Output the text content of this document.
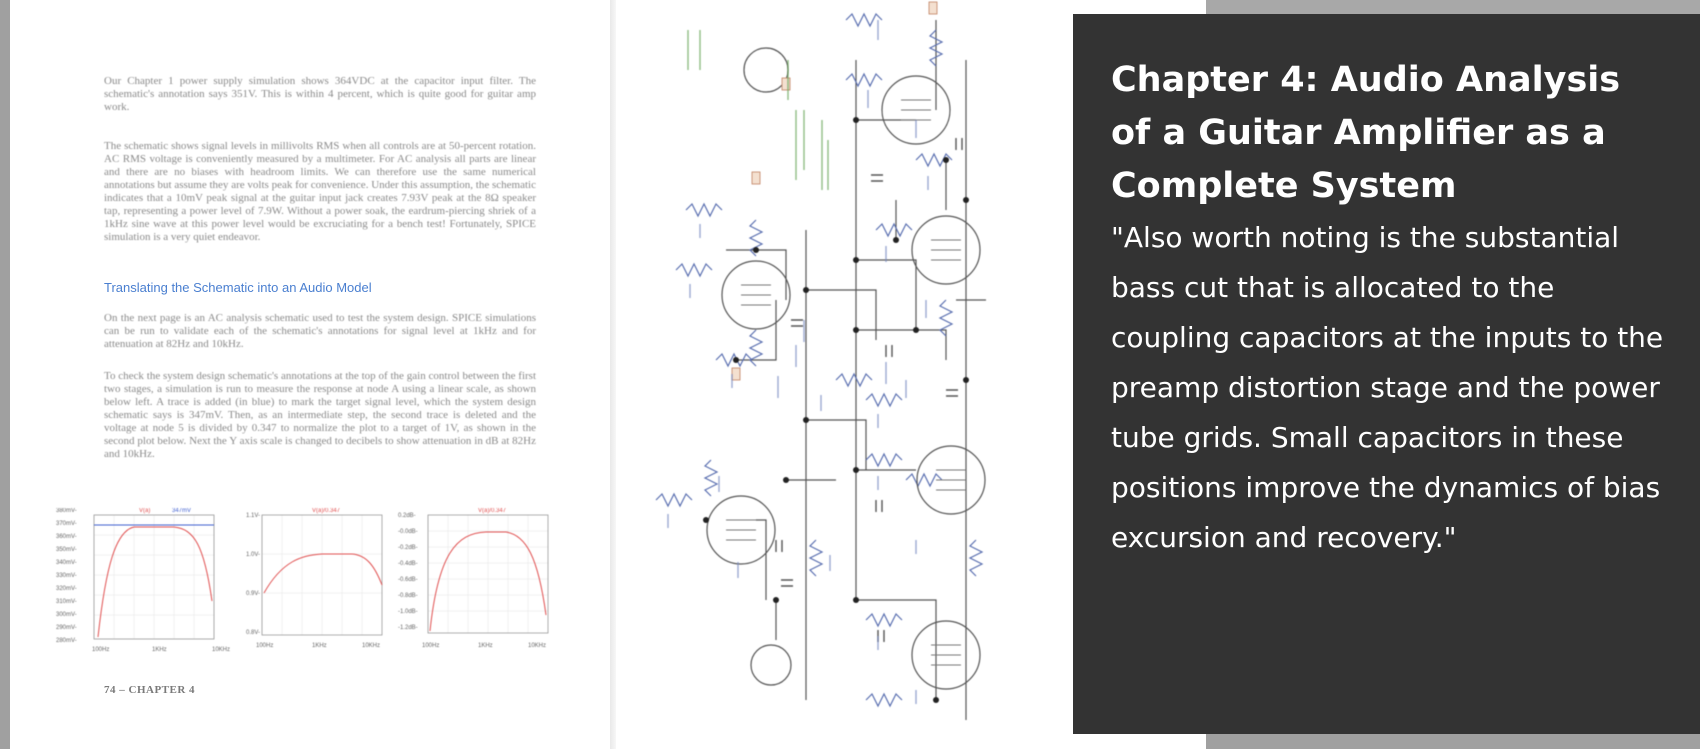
Our Chapter 1 power supply simulation shows 364VDC at the capacitor input filter. The schematic's annotation says 351V. This is within 4 percent, which is quite good for guitar amp work.

The schematic shows signal levels in millivolts RMS when all controls are at 50-percent rotation. AC RMS voltage is conveniently measured by a multimeter. For AC analysis all parts are linear and there are no biases with headroom limits. We can therefore use the same numerical annotations but assume they are volts peak for convenience. Under this assumption, the schematic indicates that a 10mV peak signal at the guitar input jack creates 7.93V peak at the 8Ω speaker tap, representing a power level of 7.9W. Without a power soak, the eardrum-piercing shriek of a 1kHz sine wave at this power level would be excruciating for a bench test! Fortunately, SPICE simulation is a very quiet endeavor.

Translating the Schematic into an Audio Model

On the next page is an AC analysis schematic used to test the system design. SPICE simulations can be run to validate each of the schematic's annotations for signal level at 1kHz and for attenuation at 82Hz and 10kHz.

To check the system design schematic's annotations at the top of the gain control between the first two stages, a simulation is run to measure the response at node A using a linear scale, as shown below left. A trace is added (in blue) to mark the target signal level, which the system design schematic says is 347mV. Then, as an intermediate step, the second trace is deleted and the voltage at node 5 is divided by 0.347 to normalize the plot to a target of 1V, as shown in the second plot below. Next the Y axis scale is changed to decibels to show attenuation in dB at 82Hz and 10kHz.

380mV-
370mV-
360mV-
350mV-
340mV-
330mV-
320mV-
310mV-
300mV-
290mV-
280mV-
100Hz	1KHz	10KHz
V(a)	347mV
1.1V-
1.0V-
0.9V-
0.8V-
100Hz	1KHz	10KHz
V(a)/0.347
0.2dB-
-0.0dB-
-0.2dB-
-0.4dB-
-0.6dB-
-0.8dB-
-1.0dB-
-1.2dB-
100Hz	1KHz	10KHz
V(a)/0.347
74 – CHAPTER 4
Chapter 4: Audio Analysis of a Guitar Amplifier as a Complete System

"Also worth noting is the substantial bass cut that is allocated to the coupling capacitors at the inputs to the preamp distortion stage and the power tube grids. Small capacitors in these positions improve the dynamics of bias excursion and recovery."
